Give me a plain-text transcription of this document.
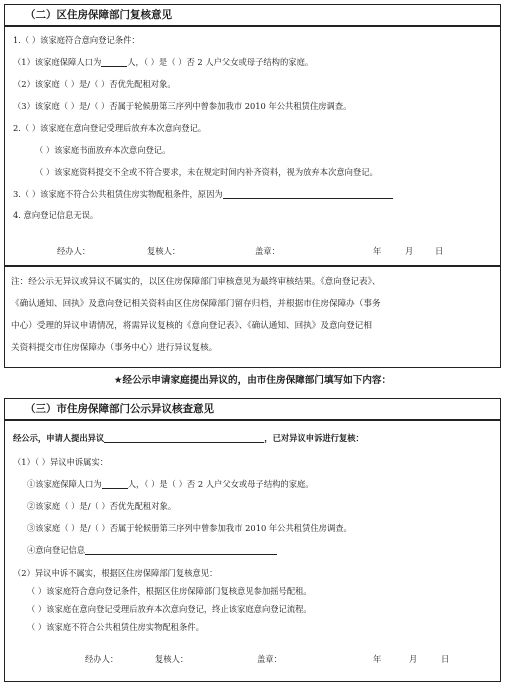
（二）区住房保障部门复核意见
1.（ ）该家庭符合意向登记条件：
（1）该家庭保障人口为	人，（ ）是（ ）否 2 人户父女或母子结构的家庭。
（2）该家庭（ ）是/（ ）否优先配租对象。
（3）该家庭（ ）是/（ ）否属于轮候册第三序列中曾参加我市 2010 年公共租赁住房调查。
2.（ ）该家庭在意向登记受理后放弃本次意向登记。
（ ）该家庭书面放弃本次意向登记。
（ ）该家庭资料提交不全或不符合要求，未在规定时间内补齐资料，视为放弃本次意向登记。
3.（ ）该家庭不符合公共租赁住房实物配租条件，原因为
4. 意向登记信息无误。
经办人：	复核人：	盖章：	年	月	日
注：经公示无异议或异议不属实的，以区住房保障部门审核意见为最终审核结果。《意向登记表》、
《确认通知、回执》及意向登记相关资料由区住房保障部门留存归档，并根据市住房保障办（事务
中心）受理的异议申请情况，将需异议复核的《意向登记表》、《确认通知、回执》及意向登记相
关资料提交市住房保障办（事务中心）进行异议复核。
★经公示申请家庭提出异议的，由市住房保障部门填写如下内容：
（三）市住房保障部门公示异议核查意见
经公示，申请人提出异议	，已对异议申诉进行复核：
（1）（ ）异议申诉属实：
①该家庭保障人口为	人，（ ）是（ ）否 2 人户父女或母子结构的家庭。
②该家庭（ ）是/（ ）否优先配租对象。
③该家庭（ ）是/（ ）否属于轮候册第三序列中曾参加我市 2010 年公共租赁住房调查。
④意向登记信息
（2）异议申诉不属实，根据区住房保障部门复核意见：
（ ）该家庭符合意向登记条件，根据区住房保障部门复核意见参加摇号配租。
（ ）该家庭在意向登记受理后放弃本次意向登记，终止该家庭意向登记流程。
（ ）该家庭不符合公共租赁住房实物配租条件。
经办人：	复核人：	盖章：	年	月	日
